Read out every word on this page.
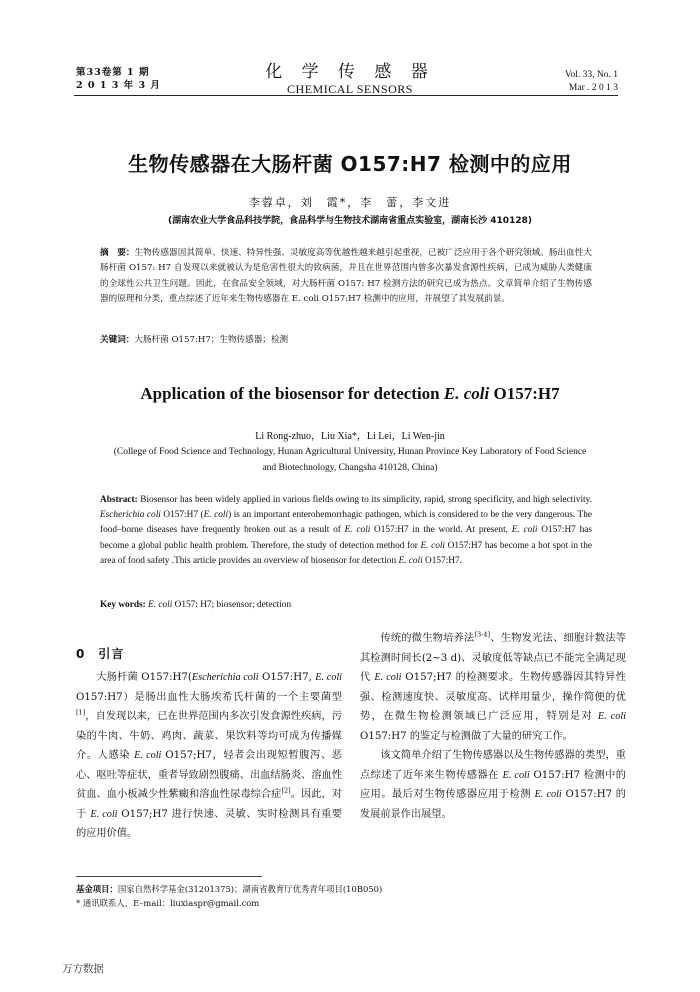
第33卷第 1 期
2 0 1 3 年 3 月
化 学 传 感 器
CHEMICAL SENSORS
Vol. 33, No. 1
Mar . 2 0 1 3
生物传感器在大肠杆菌 O157:H7 检测中的应用
李蓉卓，刘　霞*，李　蕾，李文进
(湖南农业大学食品科技学院，食品科学与生物技术湖南省重点实验室，湖南长沙 410128)
摘　要：生物传感器因其简单、快速、特异性强、灵敏度高等优越性越来越引起重视，已被广泛应用于各个研究领域。肠出血性大肠杆菌 O157: H7 自发现以来就被认为是危害性很大的致病菌，并且在世界范围内曾多次暴发食源性疾病，已成为威胁人类健康的全球性公共卫生问题。因此，在食品安全领域，对大肠杆菌 O157: H7 检测方法的研究已成为热点。文章简单介绍了生物传感器的原理和分类，重点综述了近年来生物传感器在 E. coli O157:H7 检测中的应用，并展望了其发展前景。
关键词：大肠杆菌 O157:H7；生物传感器；检测
Application of the biosensor for detection E. coli O157:H7
Li Rong-zhuo，Liu Xia*，Li Lei，Li Wen-jin
(College of Food Science and Technology, Hunan Agricultural University, Hunan Province Key Laboratory of Food Science and Biotechnology, Changsha 410128, China)
Abstract: Biosensor has been widely applied in various fields owing to its simplicity, rapid, strong specificity, and high selectivity. Escherichia coli O157:H7 (E. coli) is an important enterohemorrhagic pathogen, which is considered to be the very dangerous. The food–borne diseases have frequently broken out as a result of E. coli O157:H7 in the world. At present, E. coli O157:H7 has become a global public health problem. Therefore, the study of detection method for E. coli O157:H7 has become a hot spot in the area of food safety .This article provides an overview of biosensor for detection E. coli O157:H7.
Key words: E. coli O157: H7; biosensor; detection
0　引言

大肠杆菌 O157:H7(Escherichia coli O157:H7, E. coli O157:H7）是肠出血性大肠埃希氏杆菌的一个主要菌型[1]，自发现以来，已在世界范围内多次引发食源性疾病，污染的牛肉、牛奶、鸡肉、蔬菜、果饮料等均可成为传播媒介。人感染 E. coli O157;H7，轻者会出现短暂腹泻、恶心、呕吐等症状，重者导致剧烈腹痛、出血结肠炎、溶血性贫血、血小板减少性紫癜和溶血性尿毒综合症[2]。因此，对于 E. coli O157;H7 进行快速、灵敏、实时检测具有重要的应用价值。

传统的微生物培养法[3-4]、生物发光法、细胞计数法等其检测时间长(2~3 d)、灵敏度低等缺点已不能完全满足现代 E. coli O157;H7 的检测要求。生物传感器因其特异性强、检测速度快、灵敏度高、试样用量少，操作简便的优势，在微生物检测领域已广泛应用，特别是对 E. coli O157:H7 的鉴定与检测做了大量的研究工作。

该文简单介绍了生物传感器以及生物传感器的类型，重点综述了近年来生物传感器在 E. coli O157:H7 检测中的应用。最后对生物传感器应用于检测 E. coli O157:H7 的发展前景作出展望。

基金项目：国家自然科学基金(31201375)；湖南省教育厅优秀青年项目(10B050)
* 通讯联系人，E–mail：liuxiaspr@gmail.com
万方数据
